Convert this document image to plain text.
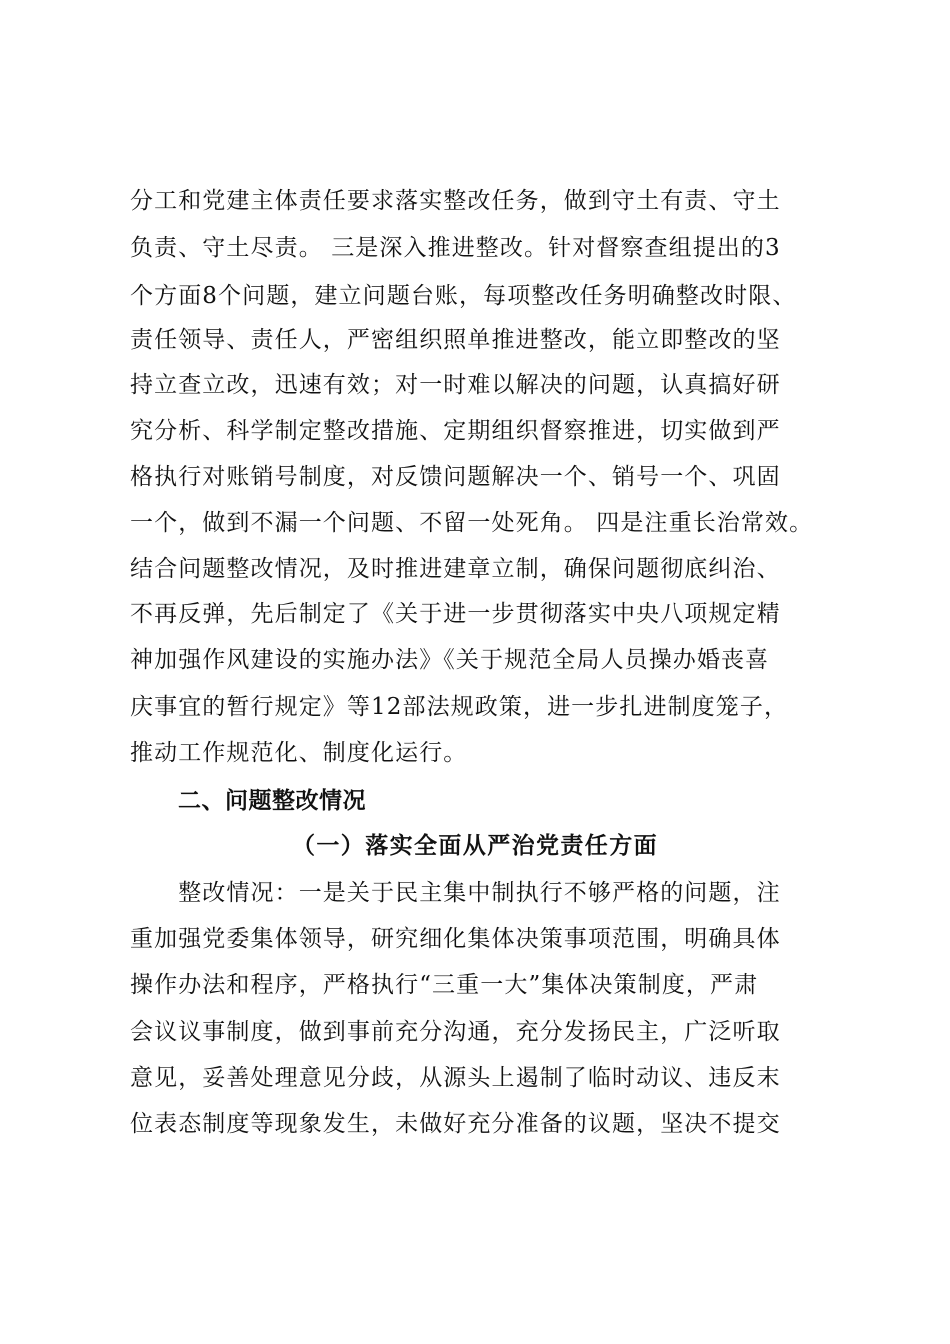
分工和党建主体责任要求落实整改任务，做到守土有责、守土
负责、守土尽责。 三是深入推进整改。针对督察查组提出的3
个方面8个问题，建立问题台账，每项整改任务明确整改时限、
责任领导、责任人，严密组织照单推进整改，能立即整改的坚
持立查立改，迅速有效；对一时难以解决的问题，认真搞好研
究分析、科学制定整改措施、定期组织督察推进，切实做到严
格执行对账销号制度，对反馈问题解决一个、销号一个、巩固
一个，做到不漏一个问题、不留一处死角。 四是注重长治常效。
结合问题整改情况，及时推进建章立制，确保问题彻底纠治、
不再反弹，先后制定了《关于进一步贯彻落实中央八项规定精
神加强作风建设的实施办法》《关于规范全局人员操办婚丧喜
庆事宜的暂行规定》等12部法规政策，进一步扎进制度笼子，
推动工作规范化、制度化运行。
二、问题整改情况
（一）落实全面从严治党责任方面
　　整改情况：一是关于民主集中制执行不够严格的问题，注
重加强党委集体领导，研究细化集体决策事项范围，明确具体
操作办法和程序，严格执行“三重一大”集体决策制度，严肃
会议议事制度，做到事前充分沟通，充分发扬民主，广泛听取
意见，妥善处理意见分歧，从源头上遏制了临时动议、违反末
位表态制度等现象发生，未做好充分准备的议题，坚决不提交
